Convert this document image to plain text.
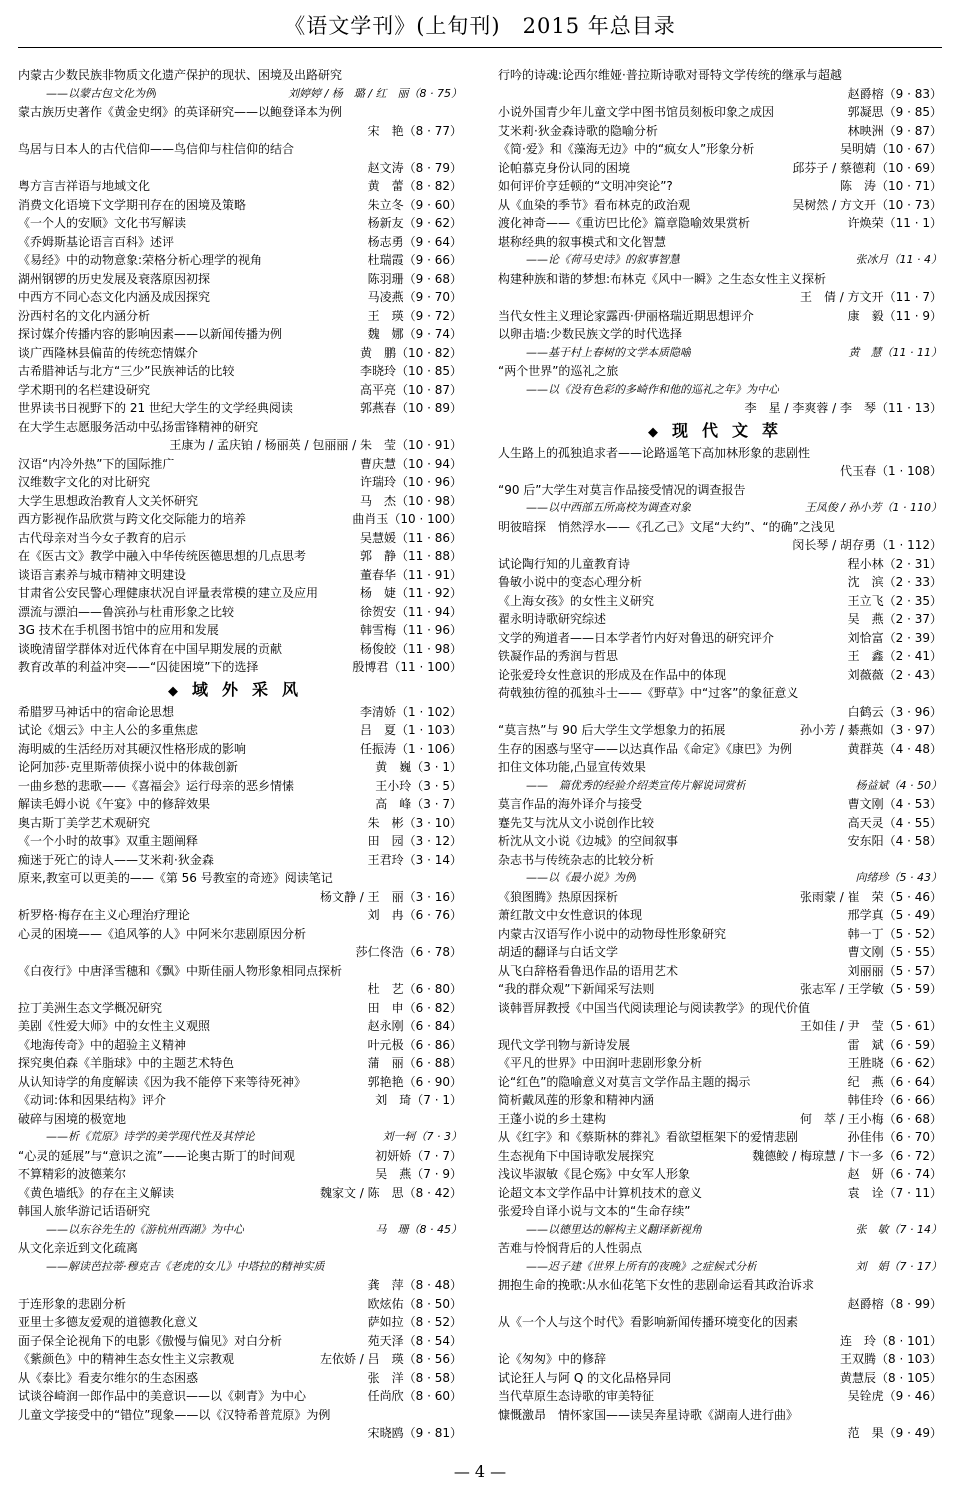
《语文学刊》(上旬刊)　2015 年总目录
内蒙古少数民族非物质文化遗产保护的现状、困境及出路研究
——以蒙古包文化为例	刘婷婷 / 杨　璐 / 红　丽（8 · 75）
蒙古族历史著作《黄金史纲》的英译研究——以鲍登译本为例
宋　艳（8 · 77）
鸟居与日本人的古代信仰——鸟信仰与柱信仰的结合
赵文涛（8 · 79）
粤方言吉祥语与地域文化	黄　蕾（8 · 82）
消费文化语境下文学期刊存在的困境及策略	朱立冬（9 · 60）
《一个人的安顺》文化书写解读	杨新友（9 · 62）
《乔姆斯基论语言百科》述评	杨志勇（9 · 64）
《易经》中的动物意象:荣格分析心理学的视角	杜瑞霞（9 · 66）
湖州钢锣的历史发展及衰落原因初探	陈羽珊（9 · 68）
中西方不同心态文化内涵及成因探究	马凌燕（9 · 70）
汾西村名的文化内涵分析	王　瑛（9 · 72）
探讨媒介传播内容的影响因素——以新闻传播为例	魏　娜（9 · 74）
谈广西隆林县偏苗的传统恋情媒介	黄　鹏（10 · 82）
古希腊神话与北方“三少”民族神话的比较	李晓玲（10 · 85）
学术期刊的名栏建设研究	高平亮（10 · 87）
世界读书日视野下的 21 世纪大学生的文学经典阅读	郭燕春（10 · 89）
在大学生志愿服务活动中弘扬雷锋精神的研究
王康为 / 孟庆铂 / 杨丽英 / 包丽丽 / 朱　莹（10 · 91）
汉语“内冷外热”下的国际推广	曹庆慧（10 · 94）
汉维数字文化的对比研究	许瑞玲（10 · 96）
大学生思想政治教育人文关怀研究	马　杰（10 · 98）
西方影视作品欣赏与跨文化交际能力的培养	曲肖玉（10 · 100）
古代母亲对当今女子教育的启示	吴慧媛（11 · 86）
在《医古文》教学中融入中华传统医德思想的几点思考	郭　静（11 · 88）
谈语言素养与城市精神文明建设	董春华（11 · 91）
甘肃省公安民警心理健康状况自评量表常模的建立及应用	杨　婕（11 · 92）
漂流与漂泊——鲁滨孙与杜甫形象之比较	徐贺安（11 · 94）
3G 技术在手机图书馆中的应用和发展	韩雪梅（11 · 96）
谈晚清留学群体对近代体育在中国早期发展的贡献	杨俊皎（11 · 98）
教育改革的利益冲突——“囚徒困境”下的选择	殷博君（11 · 100）
◆ 域外采风
希腊罗马神话中的宿命论思想	李清娇（1 · 102）
试论《烟云》中主人公的多重焦虑	吕　夏（1 · 103）
海明威的生活经历对其硬汉性格形成的影响	任振涛（1 · 106）
论阿加莎·克里斯蒂侦探小说中的体裁创新	黄　巍（3 · 1）
一曲乡愁的悲歌——《喜福会》运行母亲的恶乡情愫	王小玲（3 · 5）
解读毛姆小说《午宴》中的修辞效果	高　峰（3 · 7）
奥古斯丁美学艺术观研究	朱　彬（3 · 10）
《一个小时的故事》双重主题阐释	田　园（3 · 12）
痴迷于死亡的诗人——艾米莉·狄金森	王君玲（3 · 14）
原来,教室可以更美的——《第 56 号教室的奇迹》阅读笔记
杨文静 / 王　丽（3 · 16）
析罗格·梅存在主义心理治疗理论	刘　冉（6 · 76）
心灵的困境——《追风筝的人》中阿米尔悲剧原因分析
莎仁佟浩（6 · 78）
《白夜行》中唐泽雪穗和《飘》中斯佳丽人物形象相同点探析
杜　艺（6 · 80）
拉丁美洲生态文学概况研究	田　申（6 · 82）
美剧《性爱大师》中的女性主义观照	赵永刚（6 · 84）
《地海传奇》中的超验主义精神	叶元极（6 · 86）
探究奥伯森《羊脂球》中的主题艺术特色	蒲　丽（6 · 88）
从认知诗学的角度解读《因为我不能停下来等待死神》	郭艳艳（6 · 90）
《动词:体和因果结构》评介	刘　琦（7 · 1）
破碎与困境的极宽地
——析《荒原》诗学的美学现代性及其悖论	刘一轲（7 · 3）
“心灵的延展”与“意识之流”——论奥古斯丁的时间观	初妍娇（7 · 7）
不算精彩的波德莱尔	吴　燕（7 · 9）
《黄色墙纸》的存在主义解读	魏家文 / 陈　思（8 · 42）
韩国人旅华游记话语研究
——以东谷先生的《游杭州西湖》为中心	马　珊（8 · 45）
从文化亲近到文化疏离
——解读芭拉蒂·穆克吉《老虎的女儿》中塔拉的精神实质
龚　萍（8 · 48）
于连形象的悲剧分析	欧炫佑（8 · 50）
亚里士多德友爱观的道德教化意义	萨如拉（8 · 52）
面子保全论视角下的电影《傲慢与偏见》对白分析	苑天泽（8 · 54）
《紫颜色》中的精神生态女性主义宗教观	左依娇 / 吕　瑛（8 · 56）
从《泰比》看麦尔维尔的生态困惑	张　洋（8 · 58）
试谈谷崎润一郎作品中的美意识——以《刺青》为中心	任尚欣（8 · 60）
儿童文学接受中的“错位”现象——以《汉特希普荒原》为例
宋晓鸥（9 · 81）
行吟的诗魂:论西尔维娅·普拉斯诗歌对哥特文学传统的继承与超越
赵爵榕（9 · 83）
小说外国青少年儿童文学中图书馆员刻板印象之成因	郭凝思（9 · 85）
艾米莉·狄金森诗歌的隐喻分析	林映洲（9 · 87）
《简·爱》和《藻海无边》中的“疯女人”形象分析	吴明婧（10 · 67）
论帕慕克身份认同的困境	邱芬子 / 蔡德莉（10 · 69）
如何评价亨廷顿的“文明冲突论”?	陈　涛（10 · 71）
从《血染的季节》看布林克的政治观	吴树然 / 方文开（10 · 73）
渡化神奇——《重访巴比伦》篇章隐喻效果赏析	许焕荣（11 · 1）
堪称经典的叙事模式和文化智慧
——论《荷马史诗》的叙事智慧	张冰月（11 · 4）
构建种族和谐的梦想:布林克《风中一瞬》之生态女性主义探析
王　倩 / 方文开（11 · 7）
当代女性主义理论家露西·伊丽格瑞近期思想评介	康　毅（11 · 9）
以卵击墙:少数民族文学的时代选择
——基于村上春树的文学本质隐喻	黄　慧（11 · 11）
“两个世界”的巡礼之旅
——以《没有色彩的多崎作和他的巡礼之年》为中心
李　星 / 李爽蓉 / 李　琴（11 · 13）
◆ 现代文萃
人生路上的孤独追求者——论路遥笔下高加林形象的悲剧性
代玉春（1 · 108）
“90 后”大学生对莫言作品接受情况的调查报告
——以中西部五所高校为调查对象	王凤俊 / 孙小芳（1 · 110）
明彼暗探　悄然浮水——《孔乙己》文尾“大约”、“的确”之浅见
闵长琴 / 胡存勇（1 · 112）
试论陶行知的儿童教育诗	程小林（2 · 31）
鲁敏小说中的变态心理分析	沈　滨（2 · 33）
《上海女孩》的女性主义研究	王立飞（2 · 35）
翟永明诗歌研究综述	吴　燕（2 · 37）
文学的殉道者——日本学者竹内好对鲁迅的研究评介	刘恰富（2 · 39）
铁凝作品的秀润与哲思	王　鑫（2 · 41）
论张爱玲女性意识的形成及在作品中的体现	刘薇薇（2 · 43）
荷戟独彷徨的孤独斗士——《野草》中“过客”的象征意义
白鹤云（3 · 96）
“莫言热”与 90 后大学生文学想象力的拓展	孙小芳 / 綦燕如（3 · 97）
生存的困惑与坚守——以达真作品《命定》《康巴》为例	黄群英（4 · 48）
扣住文体功能,凸显宣传效果
——　篇优秀的经验介绍类宣传片解说词赏析	杨益斌（4 · 50）
莫言作品的海外译介与接受	曹文刚（4 · 53）
蹇先艾与沈从文小说创作比较	高天灵（4 · 55）
析沈从文小说《边城》的空间叙事	安东阳（4 · 58）
杂志书与传统杂志的比较分析
——以《最小说》为例	向绪珍（5 · 43）
《狼图腾》热原因探析	张雨蒙 / 崔　荣（5 · 46）
萧红散文中女性意识的体现	邢学真（5 · 49）
内蒙古汉语写作小说中的动物母性形象研究	韩一丁（5 · 52）
胡适的翻译与白话文学	曹文刚（5 · 55）
从飞白辞格看鲁迅作品的语用艺术	刘丽丽（5 · 57）
“我的群众观”下新闻采写法则	张志军 / 王学敏（5 · 59）
谈韩晋屏教授《中国当代阅读理论与阅读教学》的现代价值
王如佳 / 尹　莹（5 · 61）
现代文学刊物与新诗发展	雷　斌（6 · 59）
《平凡的世界》中田润叶悲剧形象分析	王胜晓（6 · 62）
论“红色”的隐喻意义对莫言文学作品主题的揭示	纪　燕（6 · 64）
简析戴凤莲的形象和精神内涵	韩佳玲（6 · 66）
王蓬小说的乡土建构	何　萃 / 王小梅（6 · 68）
从《红字》和《蔡斯林的葬礼》看欲望框架下的爱情悲剧	孙佳伟（6 · 70）
生态视角下中国诗歌发展探究	魏德鲛 / 梅琼慧 / 卞一多（6 · 72）
浅议毕淑敏《昆仑殇》中女军人形象	赵　妍（6 · 74）
论超文本文学作品中计算机技术的意义	袁　诠（7 · 11）
张爱玲自译小说与文本的“生命存续”
——以德里达的解构主义翻译新视角	张　敏（7 · 14）
苦难与怜悯背后的人性弱点
——迟子建《世界上所有的夜晚》之症候式分析	刘　娟（7 · 17）
拥抱生命的挽歌:从水仙花笔下女性的悲剧命运看其政治诉求
赵爵榕（8 · 99）
从《一个人与这个时代》看影响新闻传播环境变化的因素
连　玲（8 · 101）
论《匆匆》中的修辞	王双腾（8 · 103）
试论狂人与阿 Q 的文化品格异同	黄慧辰（8 · 105）
当代草原生态诗歌的审美特征	吴铨虎（9 · 46）
慷慨激昂　情怀家国——读吴奔星诗歌《湖南人进行曲》
范　果（9 · 49）
— 4 —
